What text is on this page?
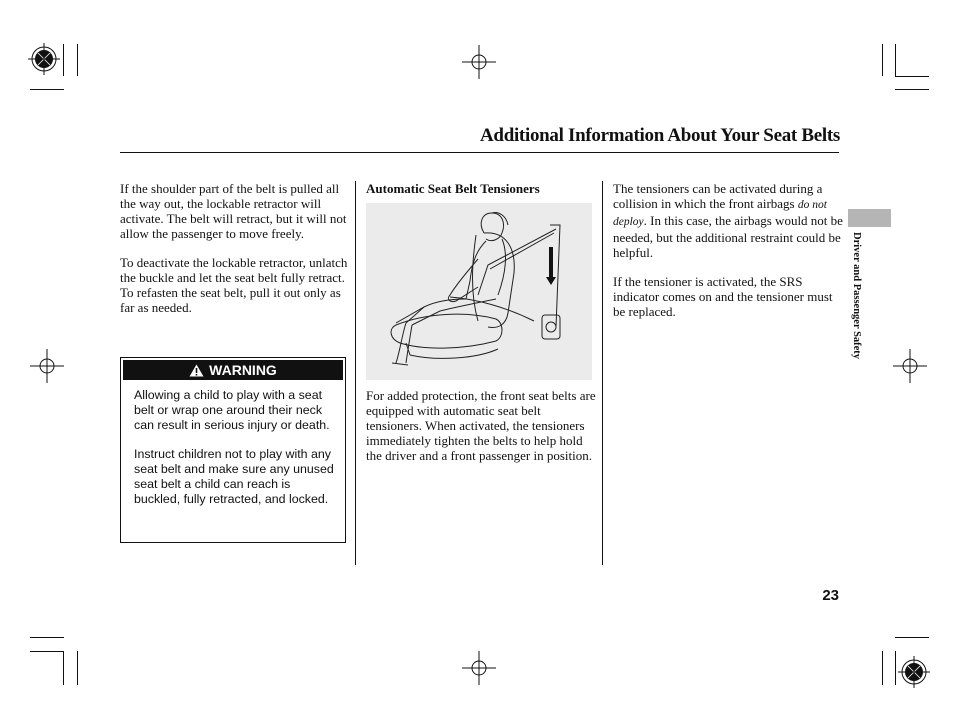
Additional Information About Your Seat Belts

If the shoulder part of the belt is pulled all the way out, the lockable retractor will activate. The belt will retract, but it will not allow the passenger to move freely.

To deactivate the lockable retractor, unlatch the buckle and let the seat belt fully retract. To refasten the seat belt, pull it out only as far as needed.

WARNING

Allowing a child to play with a seat belt or wrap one around their neck can result in serious injury or death.

Instruct children not to play with any seat belt and make sure any unused seat belt a child can reach is buckled, fully retracted, and locked.

Automatic Seat Belt Tensioners

For added protection, the front seat belts are equipped with automatic seat belt tensioners. When activated, the tensioners immediately tighten the belts to help hold the driver and a front passenger in position.

The tensioners can be activated during a collision in which the front airbags do not deploy. In this case, the airbags would not be needed, but the additional restraint could be helpful.

If the tensioner is activated, the SRS indicator comes on and the tensioner must be replaced.	Driver and Passenger Safety
23
